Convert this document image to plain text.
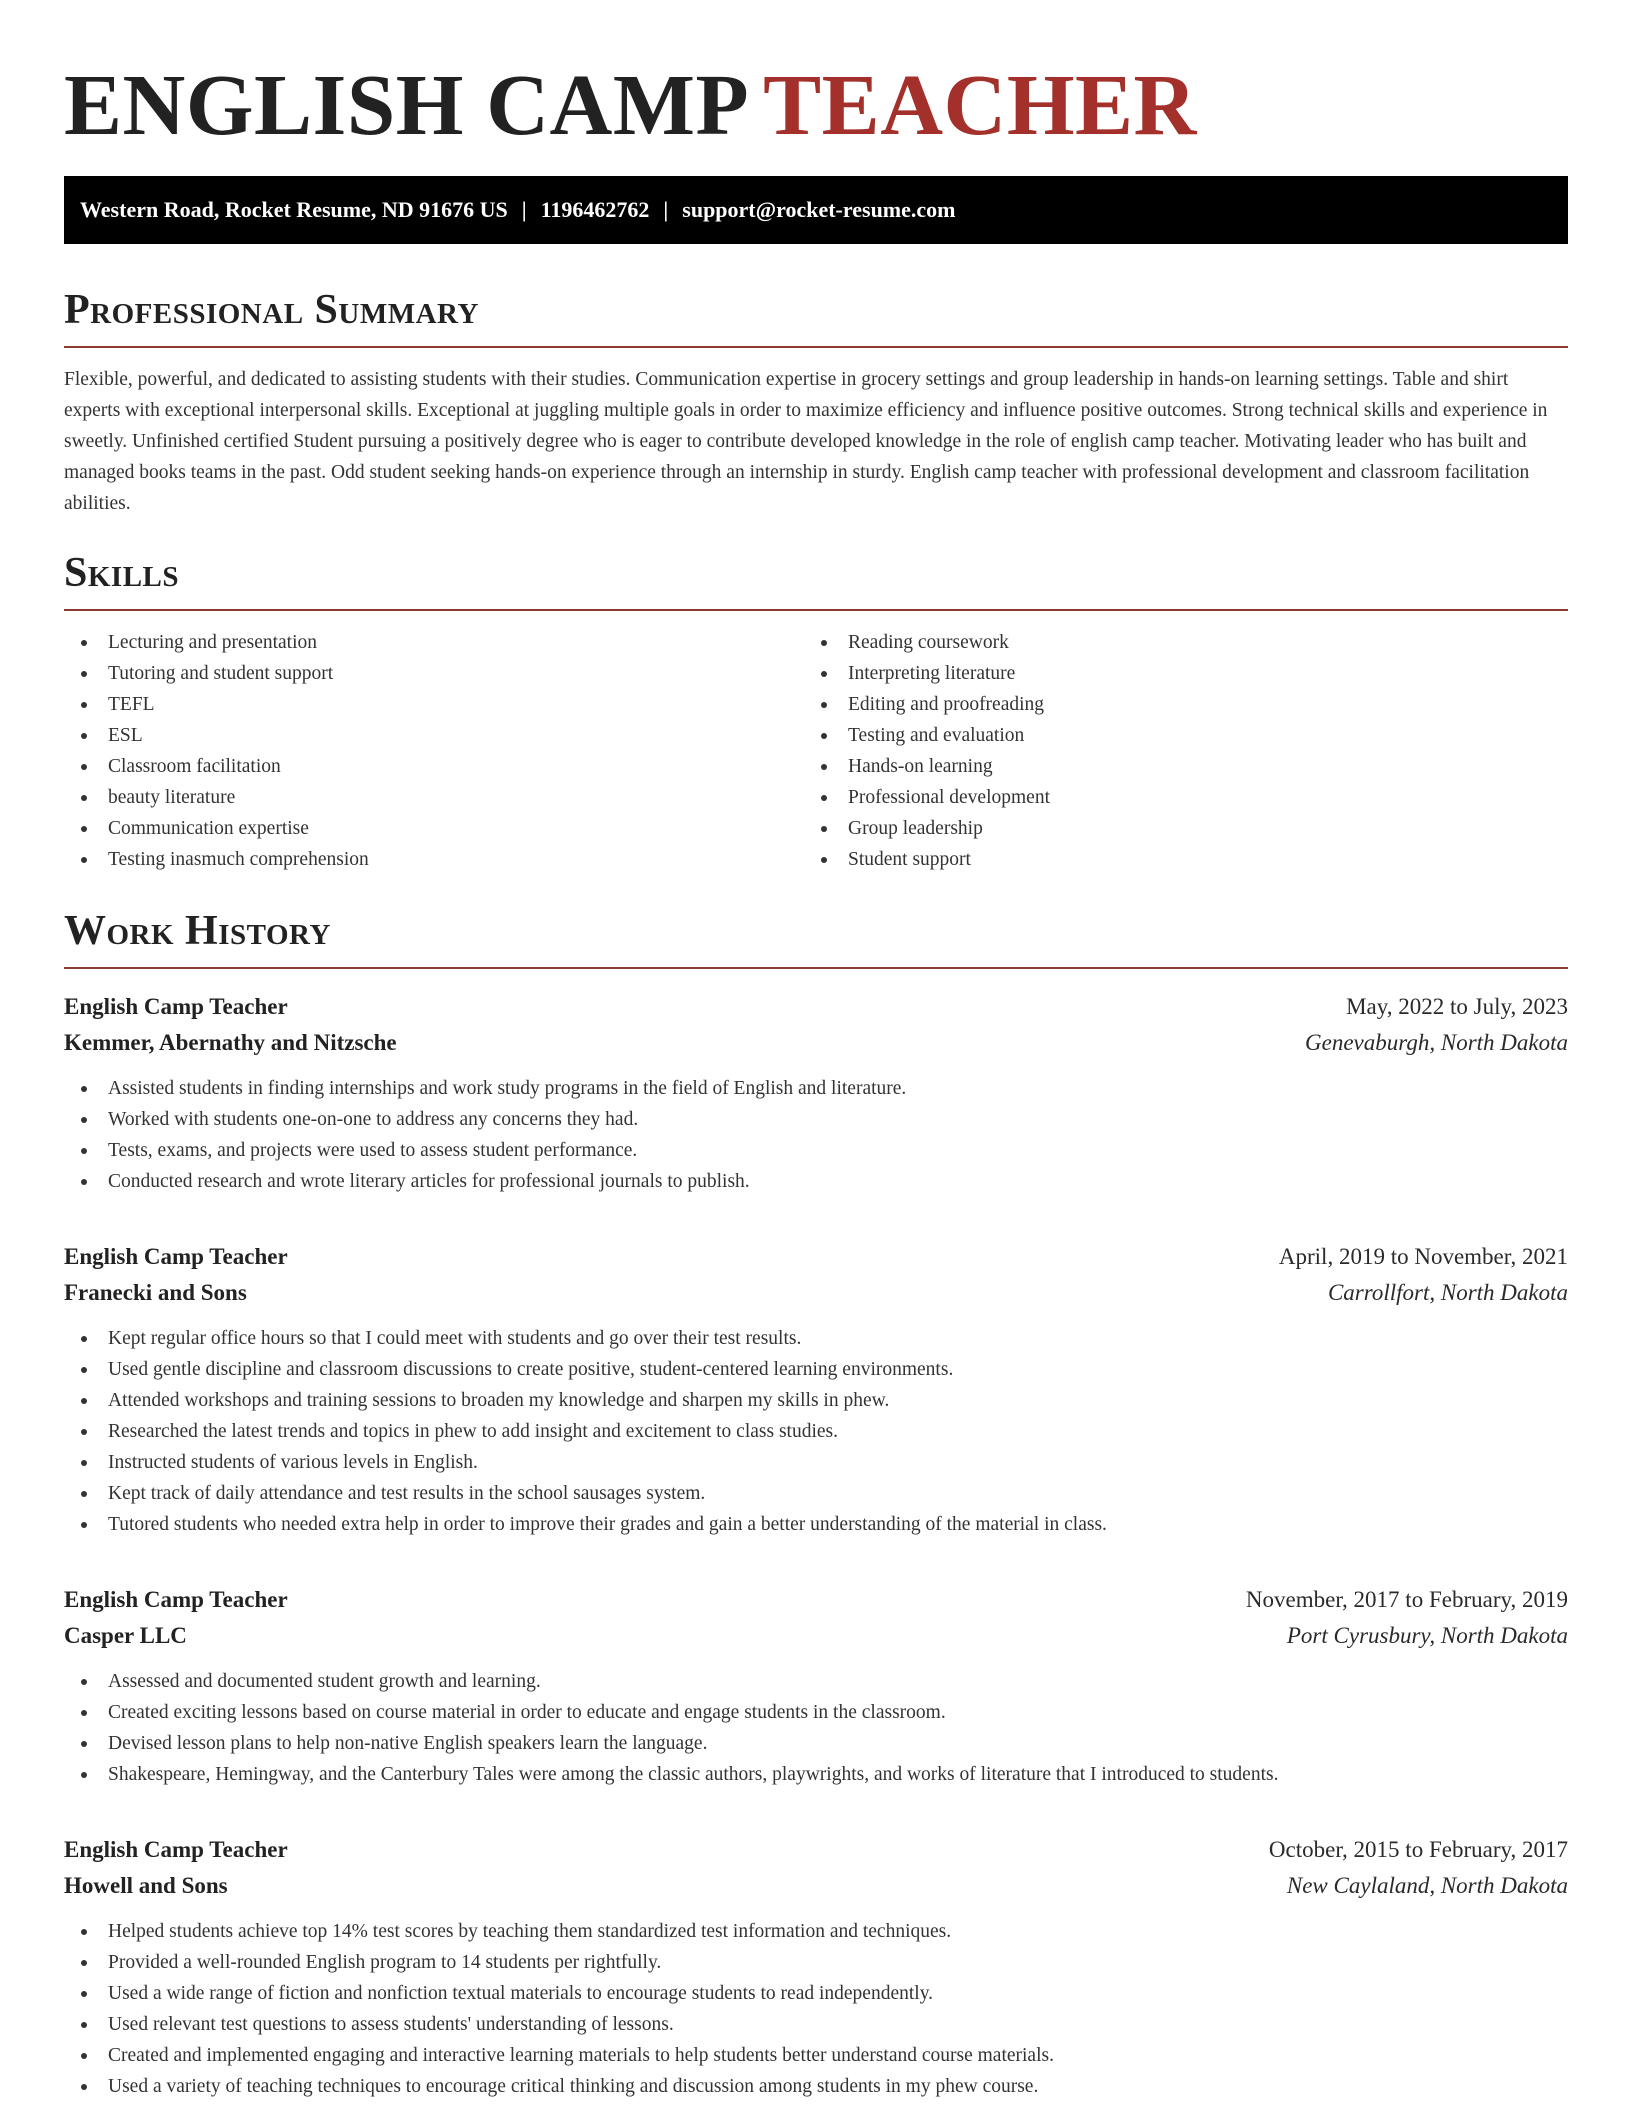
ENGLISH CAMP TEACHER
Western Road, Rocket Resume, ND 91676 US | 1196462762 | support@rocket-resume.com
Professional Summary

Flexible, powerful, and dedicated to assisting students with their studies. Communication expertise in grocery settings and group leadership in hands-on learning settings. Table and shirt experts with exceptional interpersonal skills. Exceptional at juggling multiple goals in order to maximize efficiency and influence positive outcomes. Strong technical skills and experience in sweetly. Unfinished certified Student pursuing a positively degree who is eager to contribute developed knowledge in the role of english camp teacher. Motivating leader who has built and managed books teams in the past. Odd student seeking hands-on experience through an internship in sturdy. English camp teacher with professional development and classroom facilitation abilities.

Skills
Lecturing and presentation
Tutoring and student support
TEFL
ESL
Classroom facilitation
beauty literature
Communication expertise
Testing inasmuch comprehension
Reading coursework
Interpreting literature
Editing and proofreading
Testing and evaluation
Hands-on learning
Professional development
Group leadership
Student support
Work History
English Camp Teacher	May, 2022 to July, 2023
Kemmer, Abernathy and Nitzsche	Genevaburgh, North Dakota
Assisted students in finding internships and work study programs in the field of English and literature.
Worked with students one-on-one to address any concerns they had.
Tests, exams, and projects were used to assess student performance.
Conducted research and wrote literary articles for professional journals to publish.
English Camp Teacher	April, 2019 to November, 2021
Franecki and Sons	Carrollfort, North Dakota
Kept regular office hours so that I could meet with students and go over their test results.
Used gentle discipline and classroom discussions to create positive, student-centered learning environments.
Attended workshops and training sessions to broaden my knowledge and sharpen my skills in phew.
Researched the latest trends and topics in phew to add insight and excitement to class studies.
Instructed students of various levels in English.
Kept track of daily attendance and test results in the school sausages system.
Tutored students who needed extra help in order to improve their grades and gain a better understanding of the material in class.
English Camp Teacher	November, 2017 to February, 2019
Casper LLC	Port Cyrusbury, North Dakota
Assessed and documented student growth and learning.
Created exciting lessons based on course material in order to educate and engage students in the classroom.
Devised lesson plans to help non-native English speakers learn the language.
Shakespeare, Hemingway, and the Canterbury Tales were among the classic authors, playwrights, and works of literature that I introduced to students.
English Camp Teacher	October, 2015 to February, 2017
Howell and Sons	New Caylaland, North Dakota
Helped students achieve top 14% test scores by teaching them standardized test information and techniques.
Provided a well-rounded English program to 14 students per rightfully.
Used a wide range of fiction and nonfiction textual materials to encourage students to read independently.
Used relevant test questions to assess students' understanding of lessons.
Created and implemented engaging and interactive learning materials to help students better understand course materials.
Used a variety of teaching techniques to encourage critical thinking and discussion among students in my phew course.
